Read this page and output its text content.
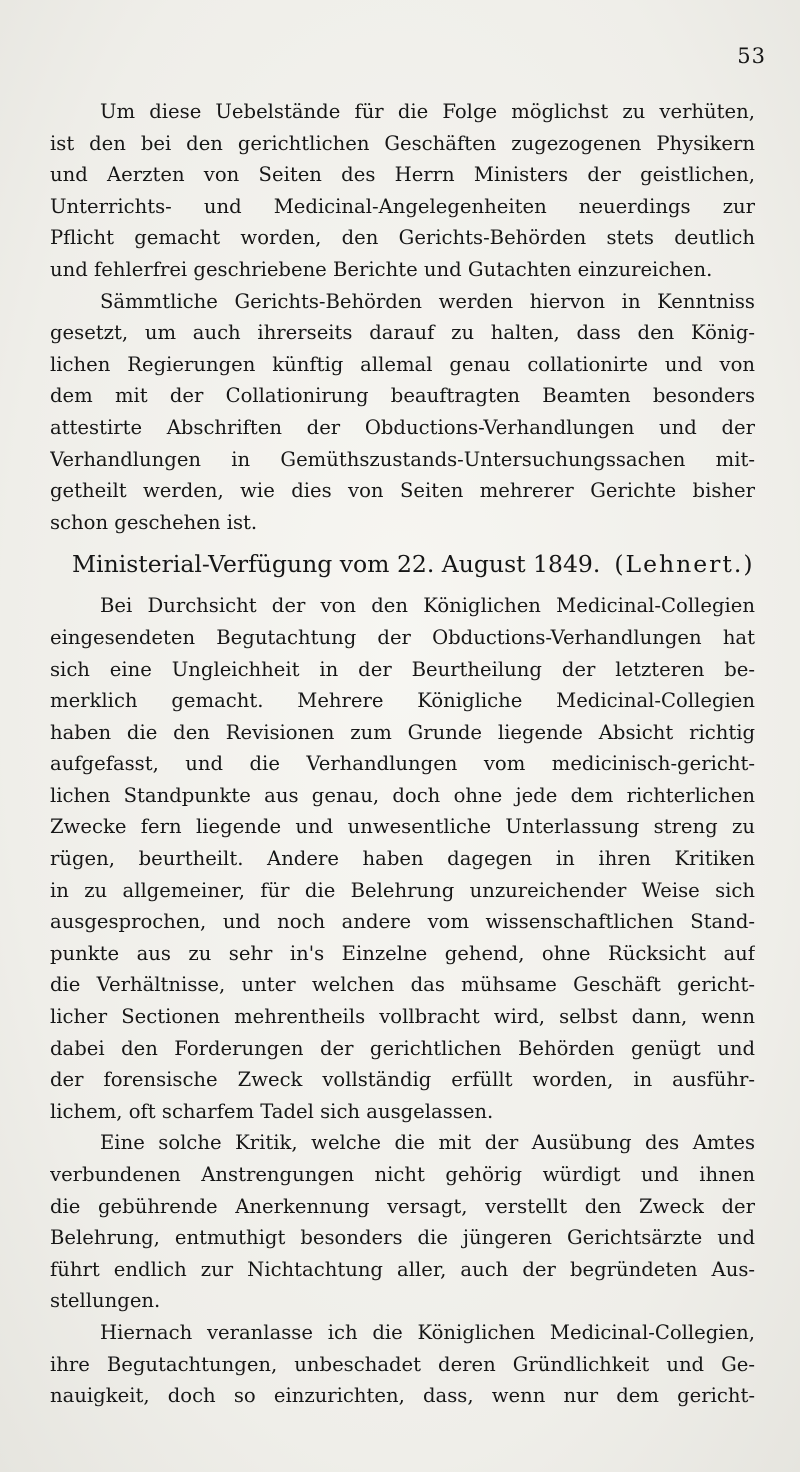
53
Um diese Uebelstände für die Folge möglichst zu verhüten,
ist den bei den gerichtlichen Geschäften zugezogenen Physikern
und Aerzten von Seiten des Herrn Ministers der geistlichen,
Unterrichts- und Medicinal-Angelegenheiten neuerdings zur
Pflicht gemacht worden, den Gerichts-Behörden stets deutlich
und fehlerfrei geschriebene Berichte und Gutachten einzureichen.
Sämmtliche Gerichts-Behörden werden hiervon in Kenntniss
gesetzt, um auch ihrerseits darauf zu halten, dass den König-
lichen Regierungen künftig allemal genau collationirte und von
dem mit der Collationirung beauftragten Beamten besonders
attestirte Abschriften der Obductions-Verhandlungen und der
Verhandlungen in Gemüthszustands-Untersuchungssachen mit-
getheilt werden, wie dies von Seiten mehrerer Gerichte bisher
schon geschehen ist.
Ministerial-Verfügung vom 22. August 1849. (Lehnert.)
Bei Durchsicht der von den Königlichen Medicinal-Collegien
eingesendeten Begutachtung der Obductions-Verhandlungen hat
sich eine Ungleichheit in der Beurtheilung der letzteren be-
merklich gemacht. Mehrere Königliche Medicinal-Collegien
haben die den Revisionen zum Grunde liegende Absicht richtig
aufgefasst, und die Verhandlungen vom medicinisch-gericht-
lichen Standpunkte aus genau, doch ohne jede dem richterlichen
Zwecke fern liegende und unwesentliche Unterlassung streng zu
rügen, beurtheilt. Andere haben dagegen in ihren Kritiken
in zu allgemeiner, für die Belehrung unzureichender Weise sich
ausgesprochen, und noch andere vom wissenschaftlichen Stand-
punkte aus zu sehr in's Einzelne gehend, ohne Rücksicht auf
die Verhältnisse, unter welchen das mühsame Geschäft gericht-
licher Sectionen mehrentheils vollbracht wird, selbst dann, wenn
dabei den Forderungen der gerichtlichen Behörden genügt und
der forensische Zweck vollständig erfüllt worden, in ausführ-
lichem, oft scharfem Tadel sich ausgelassen.
Eine solche Kritik, welche die mit der Ausübung des Amtes
verbundenen Anstrengungen nicht gehörig würdigt und ihnen
die gebührende Anerkennung versagt, verstellt den Zweck der
Belehrung, entmuthigt besonders die jüngeren Gerichtsärzte und
führt endlich zur Nichtachtung aller, auch der begründeten Aus-
stellungen.
Hiernach veranlasse ich die Königlichen Medicinal-Collegien,
ihre Begutachtungen, unbeschadet deren Gründlichkeit und Ge-
nauigkeit, doch so einzurichten, dass, wenn nur dem gericht-
